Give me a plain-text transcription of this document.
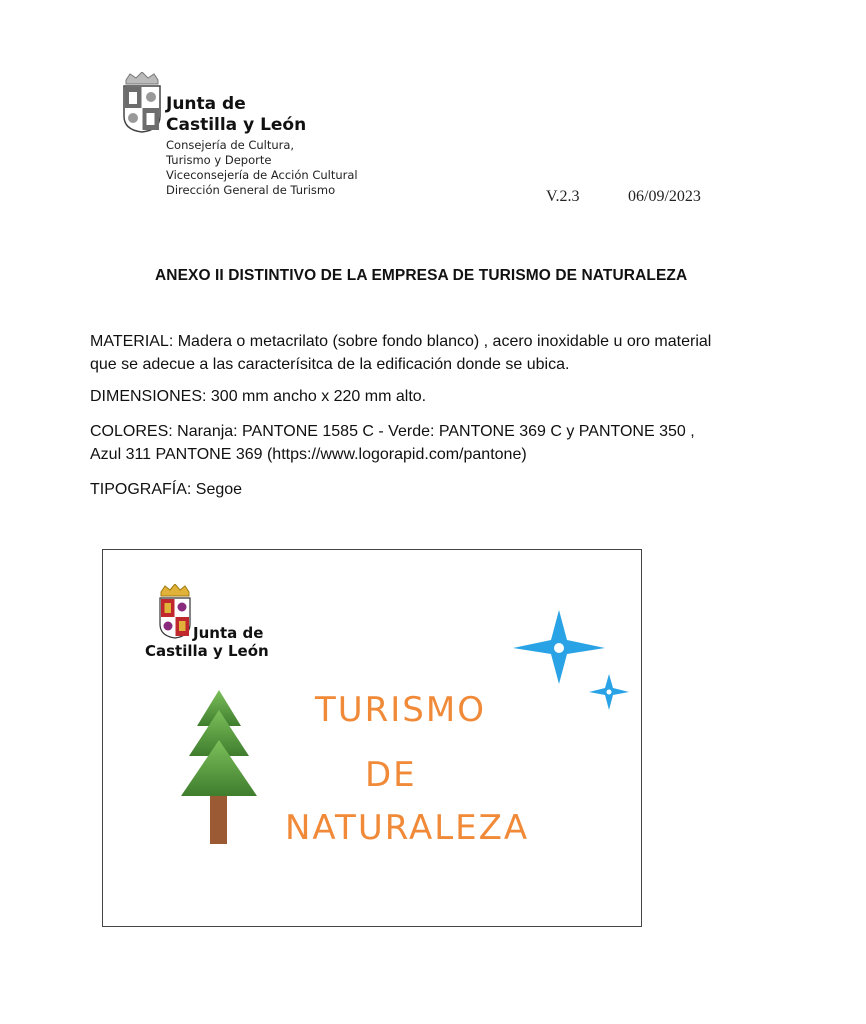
Junta de
Castilla y León
Consejería de Cultura,
Turismo y Deporte
Viceconsejería de Acción Cultural
Dirección General de Turismo	V.2.3	06/09/2023
ANEXO II DISTINTIVO DE LA EMPRESA DE TURISMO DE NATURALEZA
MATERIAL: Madera o metacrilato (sobre fondo blanco) , acero inoxidable u oro material
que se adecue a las caracterísitca de la edificación donde se ubica.
DIMENSIONES: 300 mm ancho x 220 mm alto.
COLORES: Naranja: PANTONE 1585 C - Verde: PANTONE 369 C y PANTONE 350 ,
Azul 311 PANTONE 369 (https://www.logorapid.com/pantone)
TIPOGRAFÍA: Segoe
Junta de
Castilla y León
TURISMO
DE
NATURALEZA
